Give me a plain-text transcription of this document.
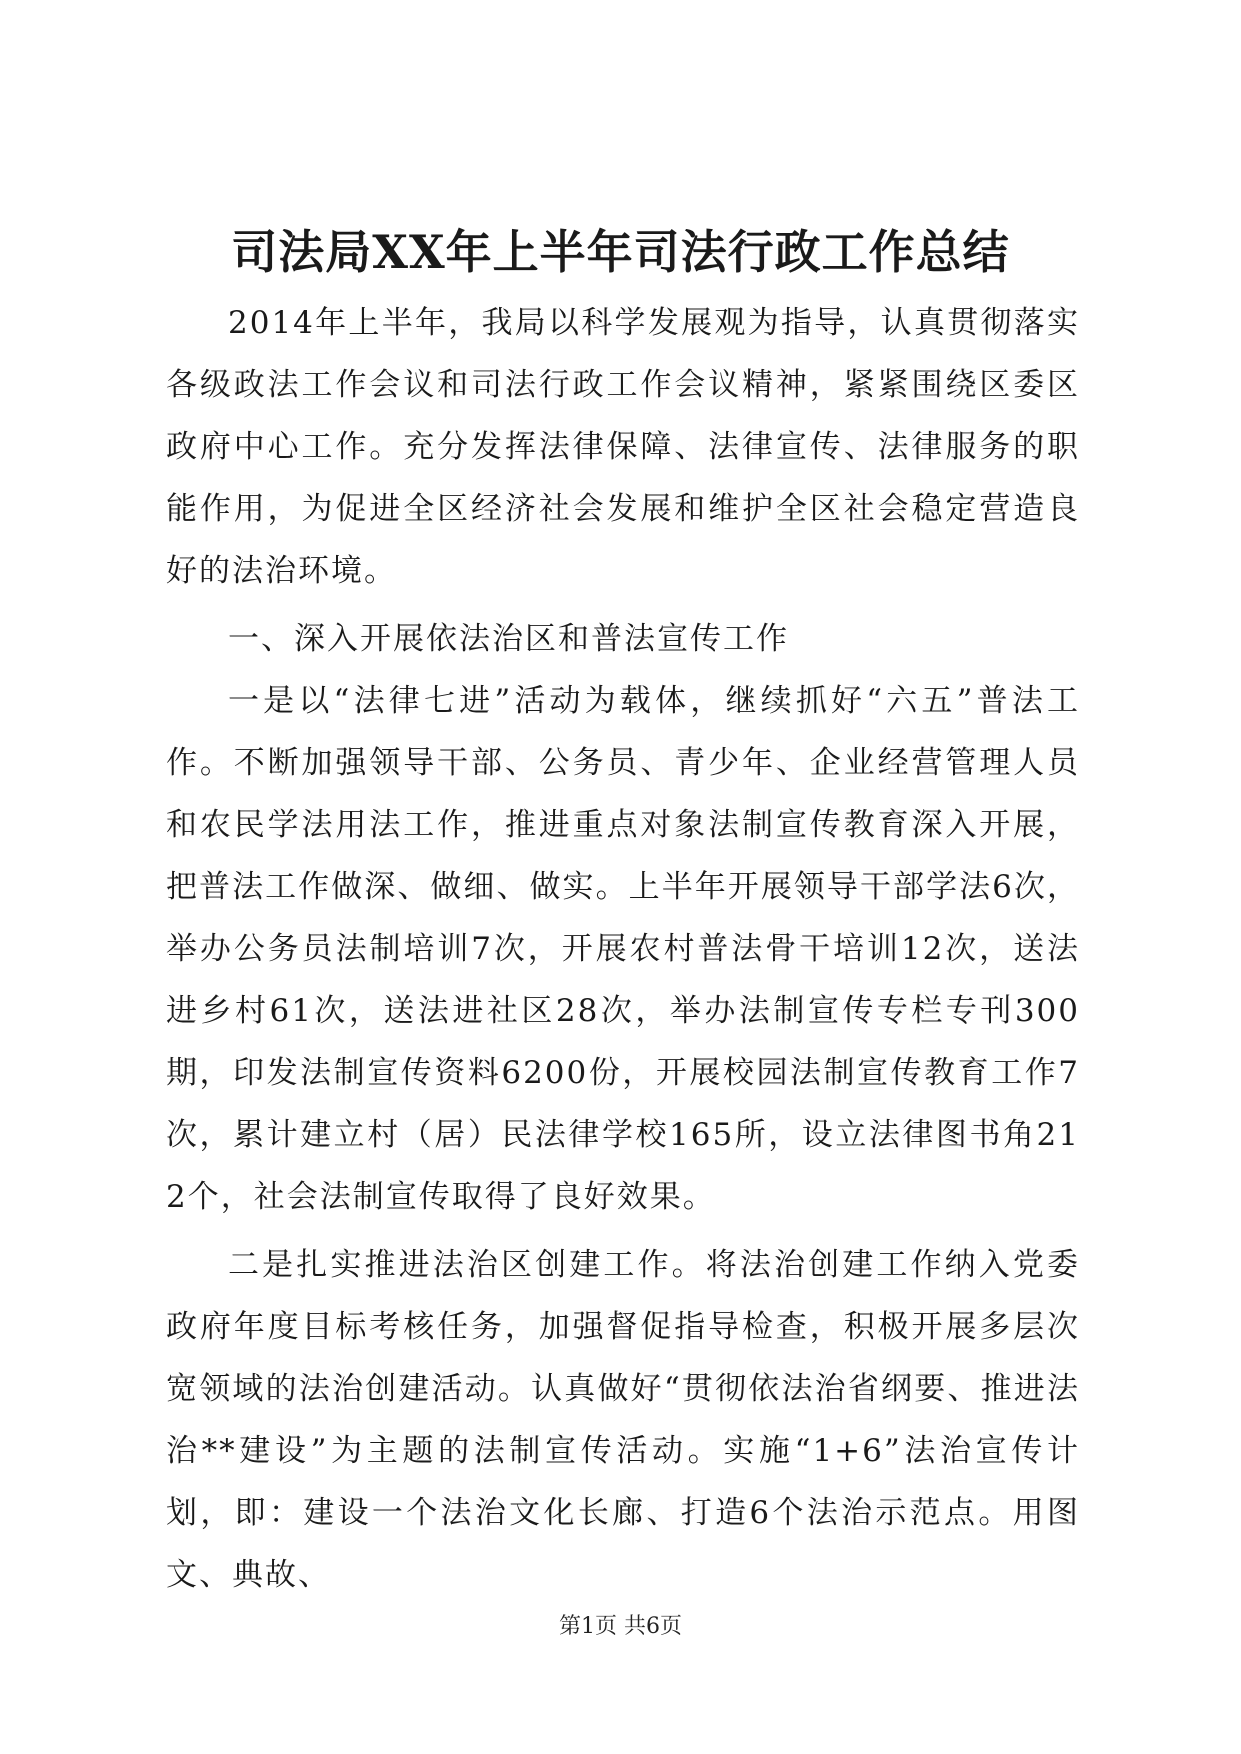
司法局XX年上半年司法行政工作总结

2014年上半年，我局以科学发展观为指导，认真贯彻落实各级政法工作会议和司法行政工作会议精神，紧紧围绕区委区政府中心工作。充分发挥法律保障、法律宣传、法律服务的职能作用，为促进全区经济社会发展和维护全区社会稳定营造良好的法治环境。

一、深入开展依法治区和普法宣传工作

一是以“法律七进”活动为载体，继续抓好“六五”普法工作。不断加强领导干部、公务员、青少年、企业经营管理人员和农民学法用法工作，推进重点对象法制宣传教育深入开展，把普法工作做深、做细、做实。上半年开展领导干部学法6次，举办公务员法制培训7次，开展农村普法骨干培训12次，送法进乡村61次，送法进社区28次，举办法制宣传专栏专刊300期，印发法制宣传资料6200份，开展校园法制宣传教育工作7次，累计建立村（居）民法律学校165所，设立法律图书角212个，社会法制宣传取得了良好效果。

二是扎实推进法治区创建工作。将法治创建工作纳入党委政府年度目标考核任务，加强督促指导检查，积极开展多层次宽领域的法治创建活动。认真做好“贯彻依法治省纲要、推进法治**建设”为主题的法制宣传活动。实施“1+6”法治宣传计划，即：建设一个法治文化长廊、打造6个法治示范点。用图文、典故、

第1页 共6页
